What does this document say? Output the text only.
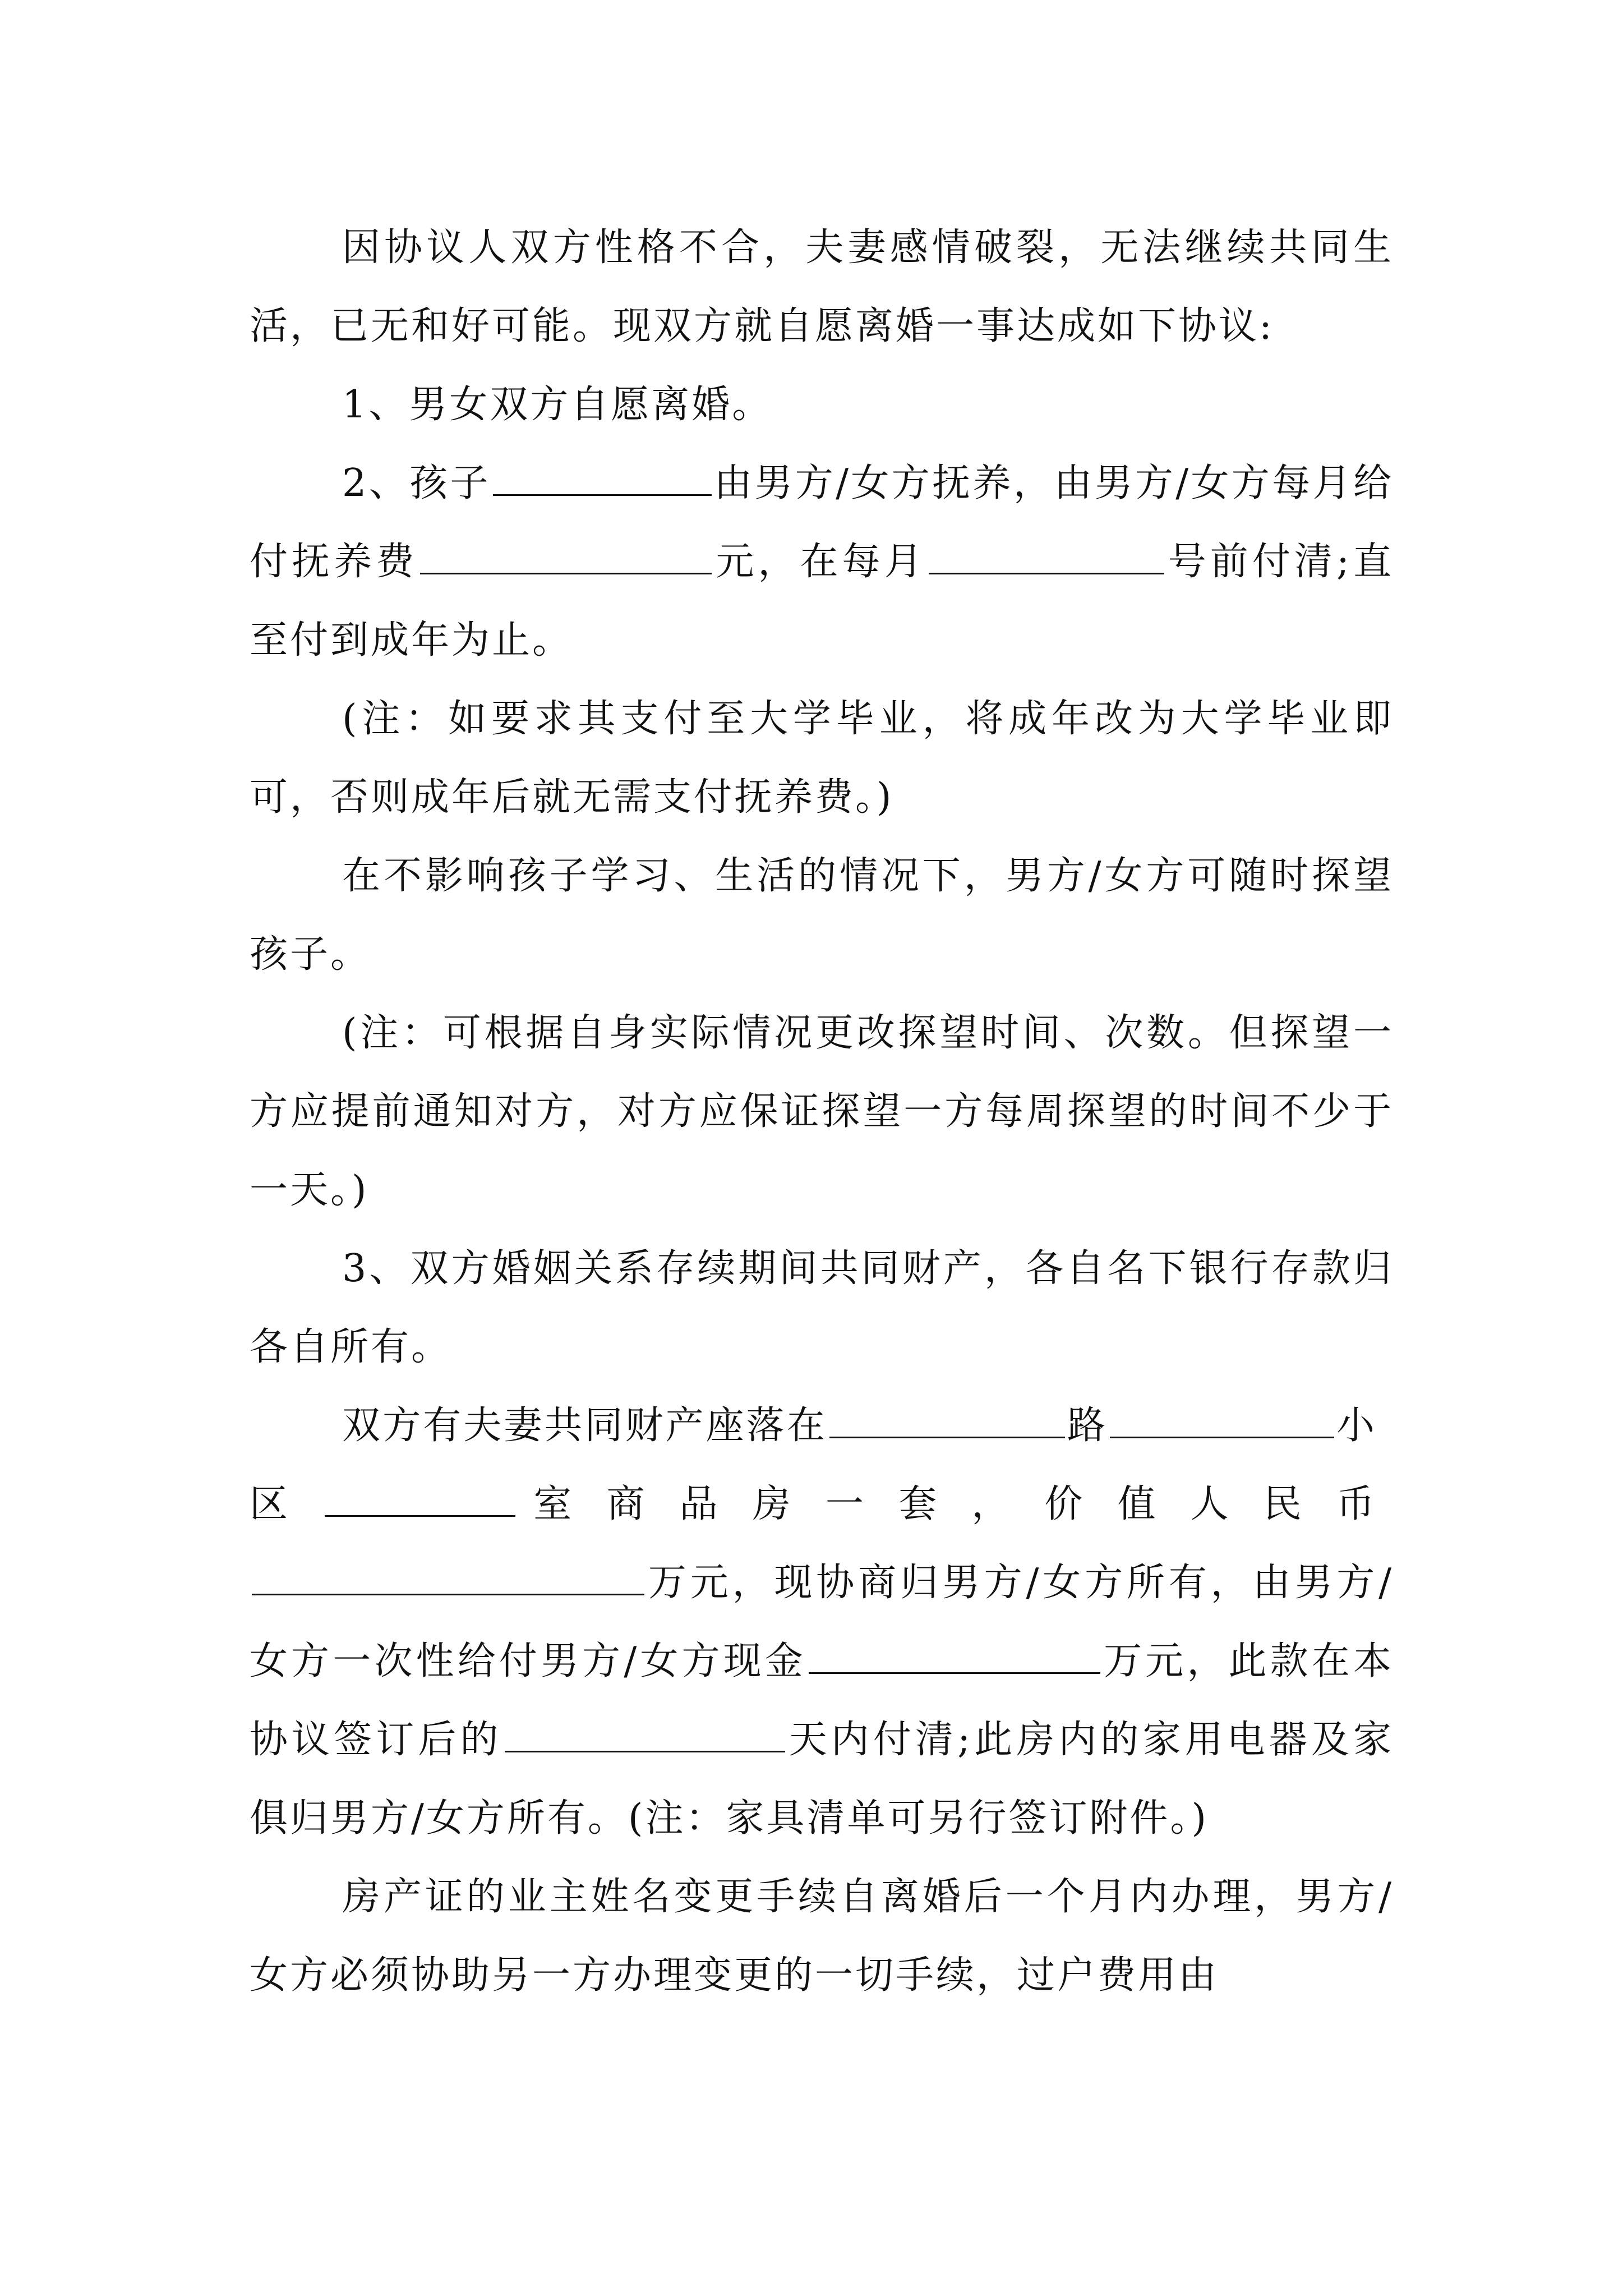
因协议人双方性格不合，夫妻感情破裂，无法继续共同生活，已无和好可能。现双方就自愿离婚一事达成如下协议:

1、男女双方自愿离婚。

2、孩子	由男方/女方抚养，由男方/女方每月给付抚养费	元，在每月	号前付清;直至付到成年为止。

(注：如要求其支付至大学毕业，将成年改为大学毕业即可，否则成年后就无需支付抚养费。)

在不影响孩子学习、生活的情况下，男方/女方可随时探望孩子。

(注：可根据自身实际情况更改探望时间、次数。但探望一方应提前通知对方，对方应保证探望一方每周探望的时间不少于一天。)

3、双方婚姻关系存续期间共同财产，各自名下银行存款归各自所有。

双方有夫妻共同财产座落在	路	小区	室商品房一套，价值人民币万元，现协商归男方/女方所有，由男方/女方一次性给付男方/女方现金	万元，此款在本协议签订后的	天内付清;此房内的家用电器及家俱归男方/女方所有。(注：家具清单可另行签订附件。)

房产证的业主姓名变更手续自离婚后一个月内办理，男方/女方必须协助另一方办理变更的一切手续，过户费用由
